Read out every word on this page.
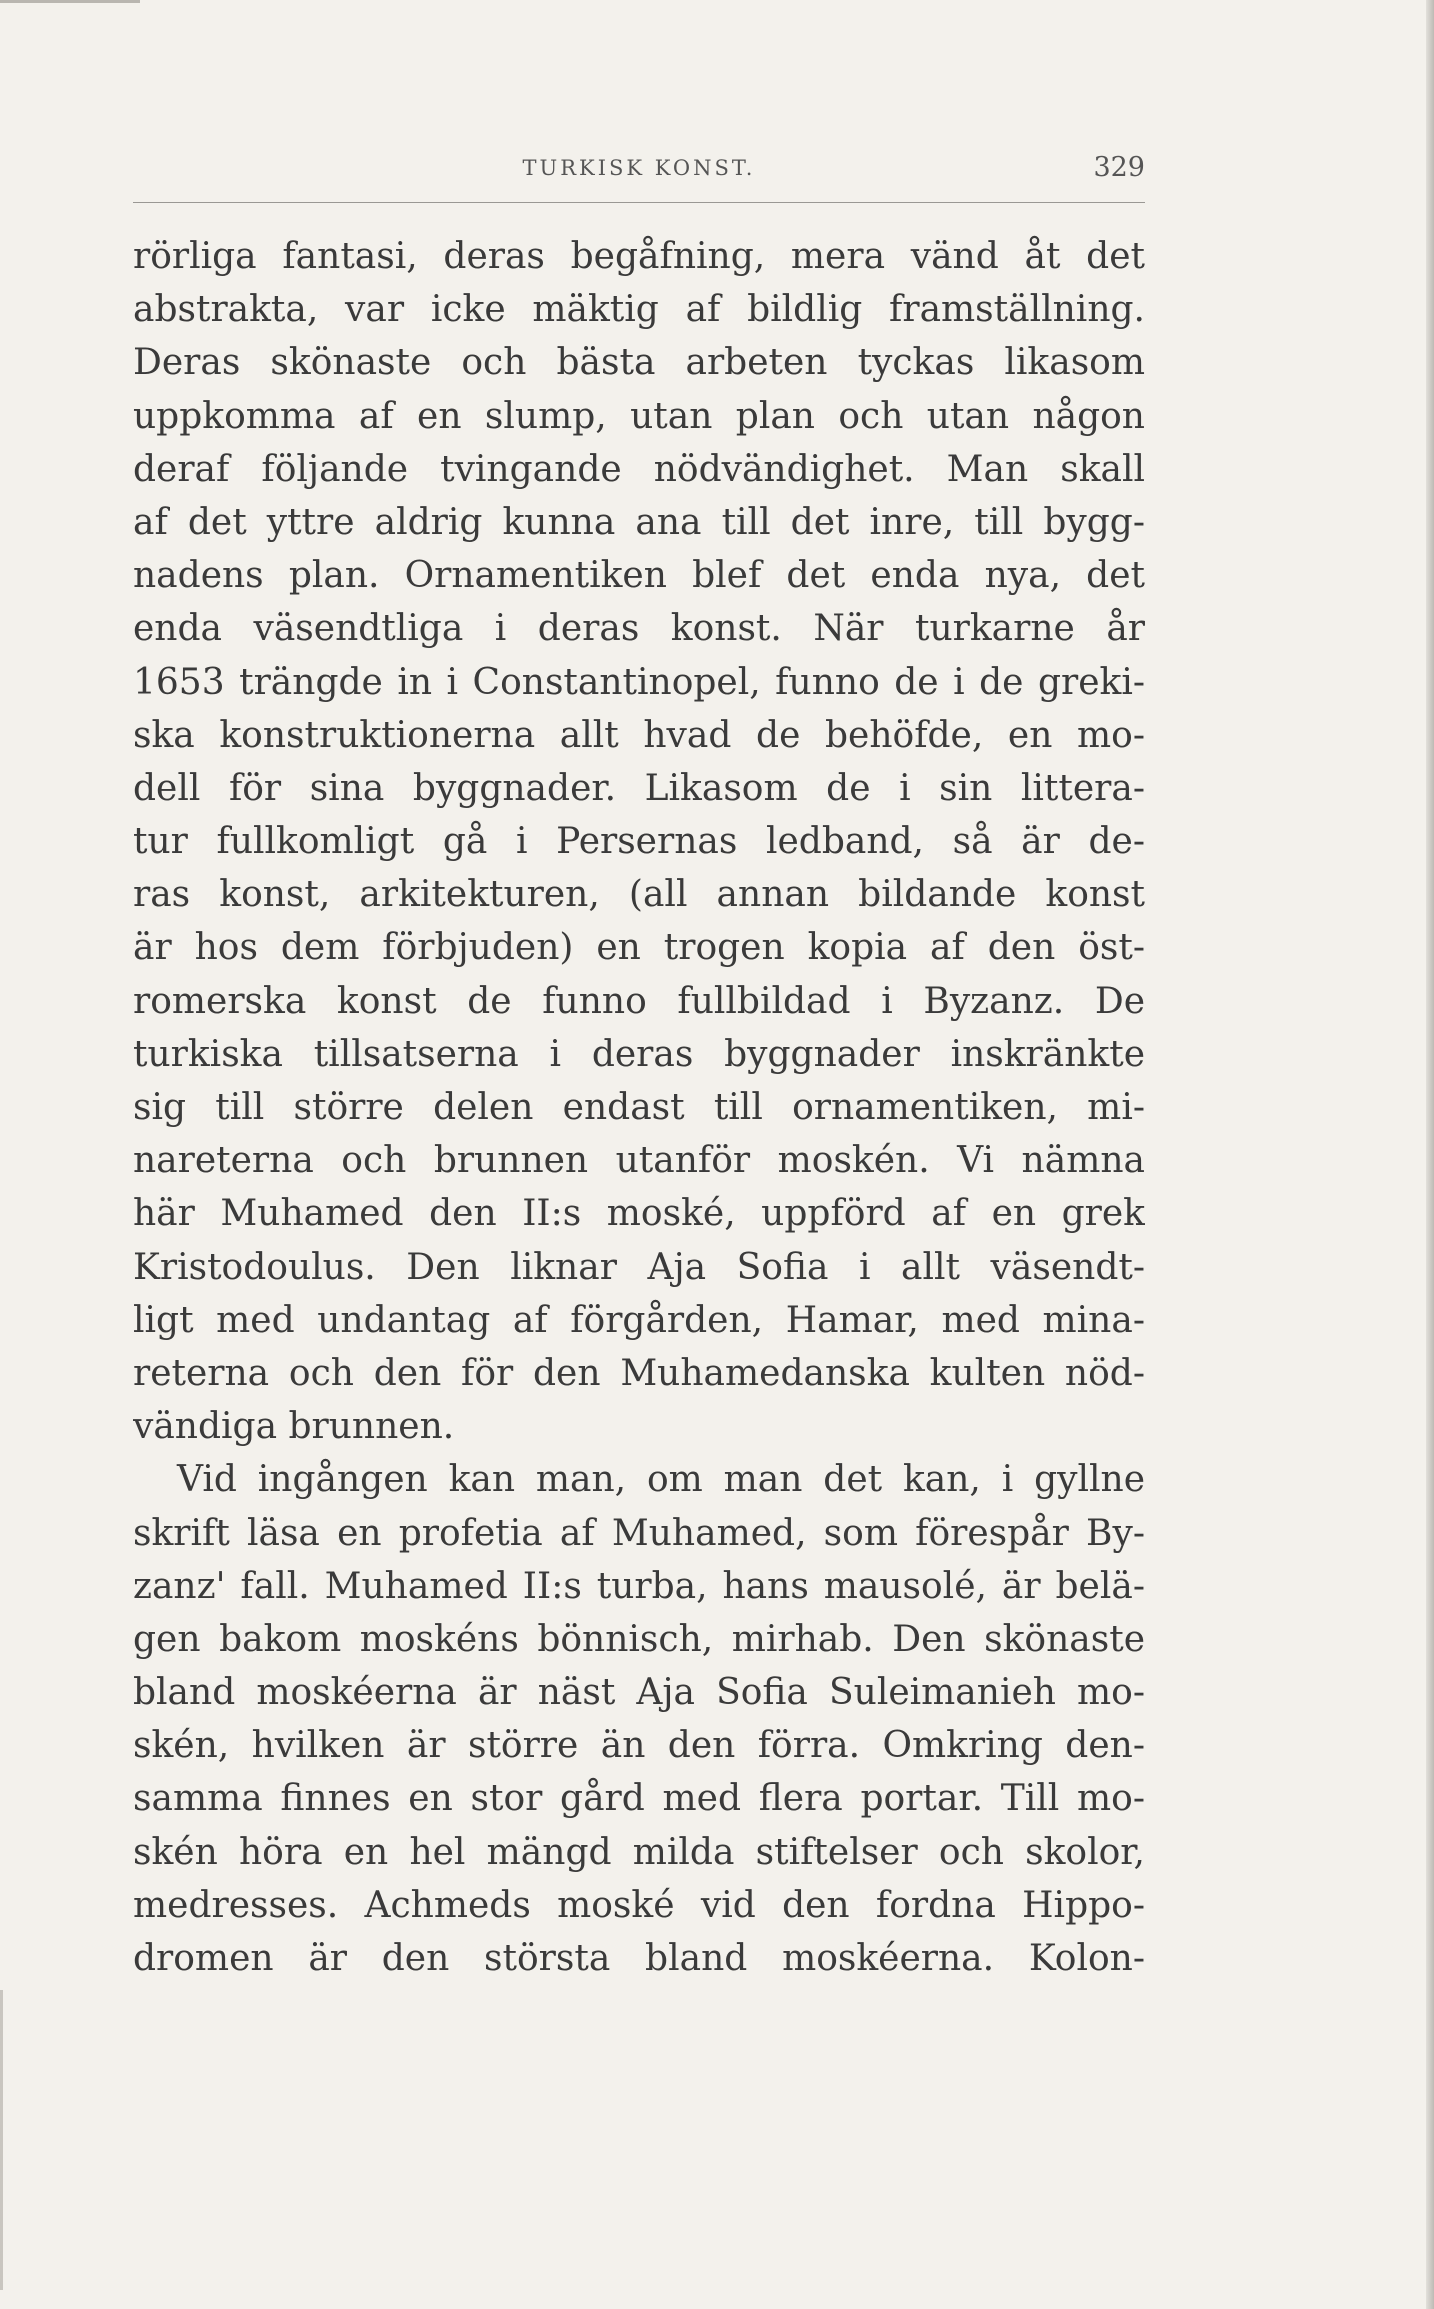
TURKISK KONST.	329
rörliga fantasi, deras begåfning, mera vänd åt det
abstrakta, var icke mäktig af bildlig framställning.
Deras skönaste och bästa arbeten tyckas likasom
uppkomma af en slump, utan plan och utan någon
deraf följande tvingande nödvändighet. Man skall
af det yttre aldrig kunna ana till det inre, till bygg-
nadens plan. Ornamentiken blef det enda nya, det
enda väsendtliga i deras konst. När turkarne år
1653 trängde in i Constantinopel, funno de i de greki-
ska konstruktionerna allt hvad de behöfde, en mo-
dell för sina byggnader. Likasom de i sin littera-
tur fullkomligt gå i Persernas ledband, så är de-
ras konst, arkitekturen, (all annan bildande konst
är hos dem förbjuden) en trogen kopia af den öst-
romerska konst de funno fullbildad i Byzanz. De
turkiska tillsatserna i deras byggnader inskränkte
sig till större delen endast till ornamentiken, mi-
nareterna och brunnen utanför moskén. Vi nämna
här Muhamed den II:s moské, uppförd af en grek
Kristodoulus. Den liknar Aja Sofia i allt väsendt-
ligt med undantag af förgården, Hamar, med mina-
reterna och den för den Muhamedanska kulten nöd-
vändiga brunnen.
Vid ingången kan man, om man det kan, i gyllne
skrift läsa en profetia af Muhamed, som förespår By-
zanz' fall. Muhamed II:s turba, hans mausolé, är belä-
gen bakom moskéns bönnisch, mirhab. Den skönaste
bland moskéerna är näst Aja Sofia Suleimanieh mo-
skén, hvilken är större än den förra. Omkring den-
samma finnes en stor gård med flera portar. Till mo-
skén höra en hel mängd milda stiftelser och skolor,
medresses. Achmeds moské vid den fordna Hippo-
dromen är den största bland moskéerna. Kolon-
